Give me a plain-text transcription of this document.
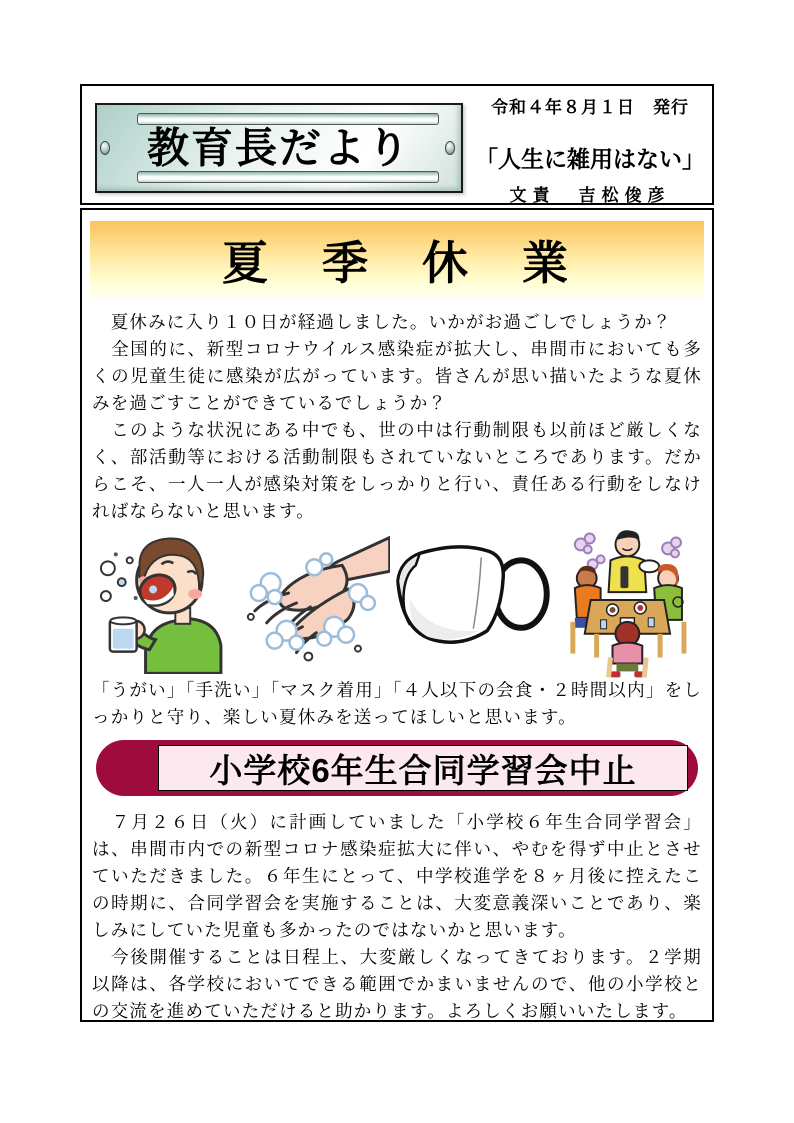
教育長だより
令和４年８月１日　発行
「人生に雑用はない」
文責　吉松俊彦
夏　季　休　業

　夏休みに入り１０日が経過しました。いかがお過ごしでしょうか？

　全国的に、新型コロナウイルス感染症が拡大し、串間市においても多くの児童生徒に感染が広がっています。皆さんが思い描いたような夏休みを過ごすことができているでしょうか？

　このような状況にある中でも、世の中は行動制限も以前ほど厳しくなく、部活動等における活動制限もされていないところであります。だからこそ、一人一人が感染対策をしっかりと行い、責任ある行動をしなければならないと思います。

「うがい」「手洗い」「マスク着用」「４人以下の会食・２時間以内」をしっかりと守り、楽しい夏休みを送ってほしいと思います。

小学校6年生合同学習会中止

　７月２６日（火）に計画していました「小学校６年生合同学習会」は、串間市内での新型コロナ感染症拡大に伴い、やむを得ず中止とさせていただきました。６年生にとって、中学校進学を８ヶ月後に控えたこの時期に、合同学習会を実施することは、大変意義深いことであり、楽しみにしていた児童も多かったのではないかと思います。

　今後開催することは日程上、大変厳しくなってきております。２学期以降は、各学校においてできる範囲でかまいませんので、他の小学校との交流を進めていただけると助かります。よろしくお願いいたします。
